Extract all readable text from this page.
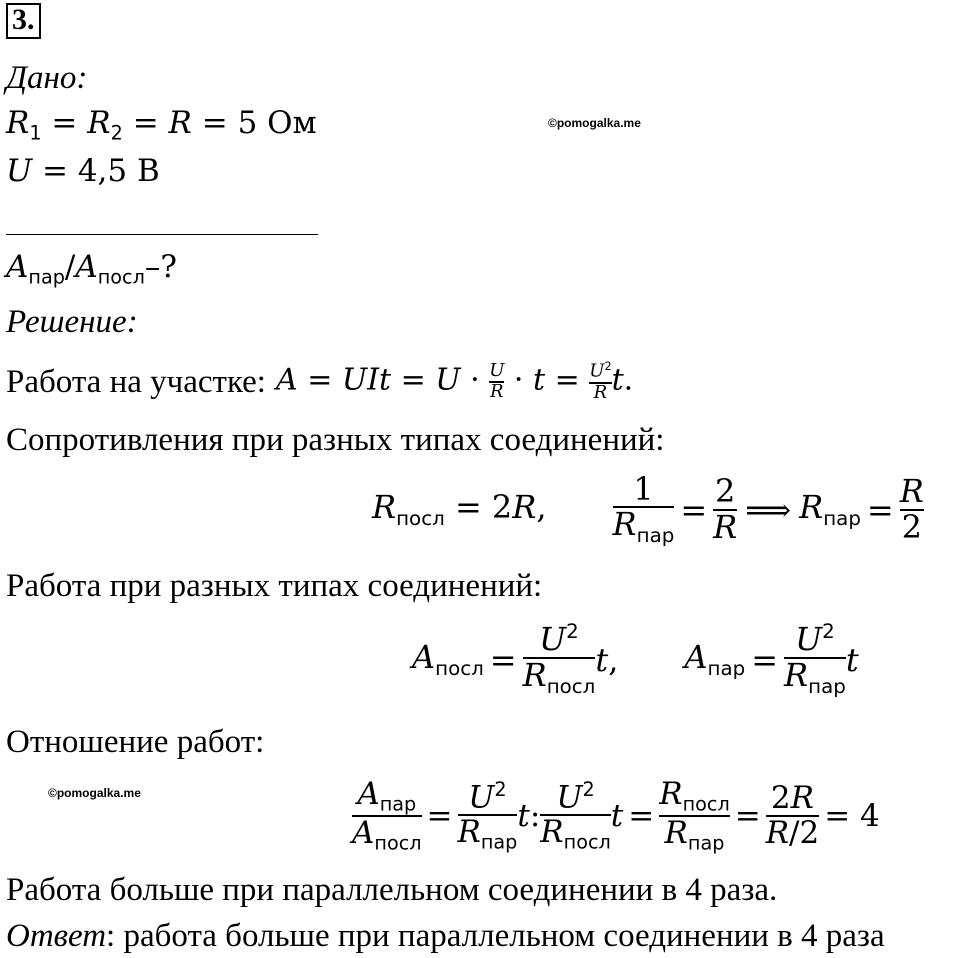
3.
Дано:
$R_1 = R_2 = R = 5$ Ом
U = 4,5 В
©pomogalka.me
$A_{пар}/A_{посл}-$?
Решение:
Работа на участке: A = UIt = $U \cdot \frac{U}{R} \cdot t = \frac{U^2}{R} t$.
Сопротивления при разных типах соединений:
$R_{посл} = 2R$, $\frac{1}{R_{пар}} = \frac{2}{R}$ ⟹ $R_{пар} = \frac{R}{2}$
Работа при разных типах соединений:
$A_{посл} = \frac{U^2}{R_{посл}} t$, $A_{пар} = \frac{U^2}{R_{пар}}$ t
Отношение работ:
©pomogalka.me	$\frac{A_{пар}}{A_{посл}} = \frac{U^2}{R_{пар}} t$: $\frac{U^2}{R_{посл}}$ $t = \frac{R_{посл}}{R_{пар}} = \frac{2R}{R/2} = 4$
Работа больше при параллельном соединении в 4 раза.
Ответ: работа больше при параллельном соединении в 4 раза
